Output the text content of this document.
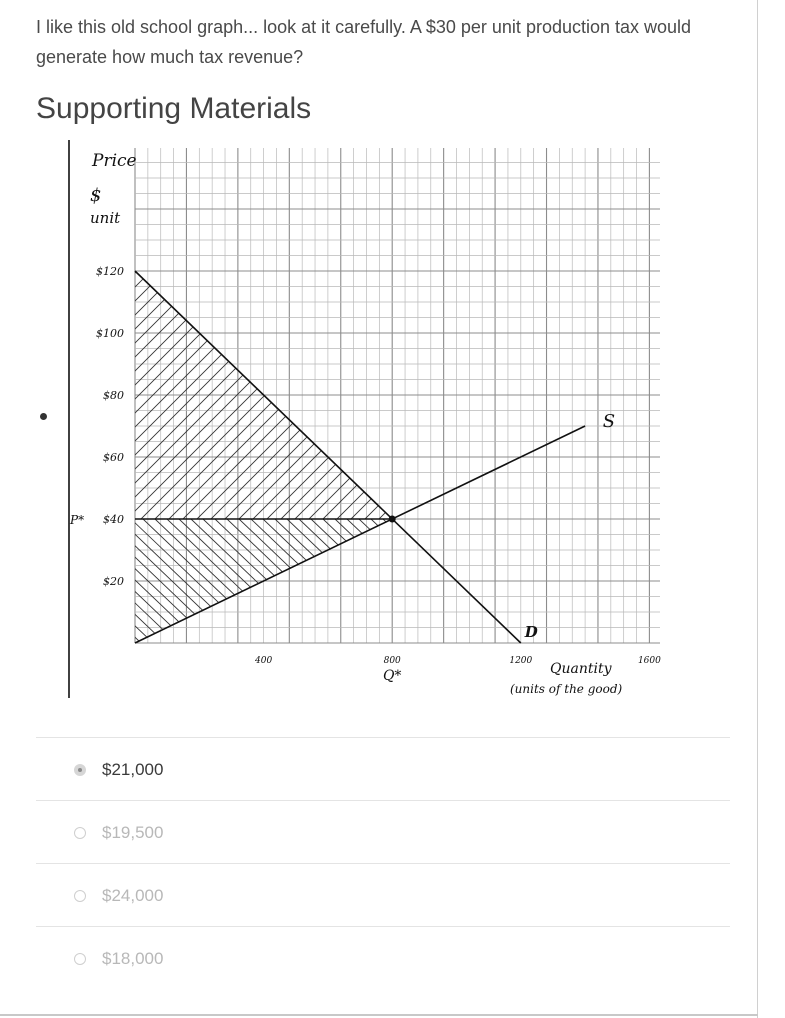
I like this old school graph... look at it carefully. A $30 per unit production tax would generate how much tax revenue?
Supporting Materials
$20
$40
$60
$80
$100
$120
400	800	1200	1600
Price
$
unit
P*
Q*
S
D
Quantity
(units of the good)
$21,000
$19,500
$24,000
$18,000
